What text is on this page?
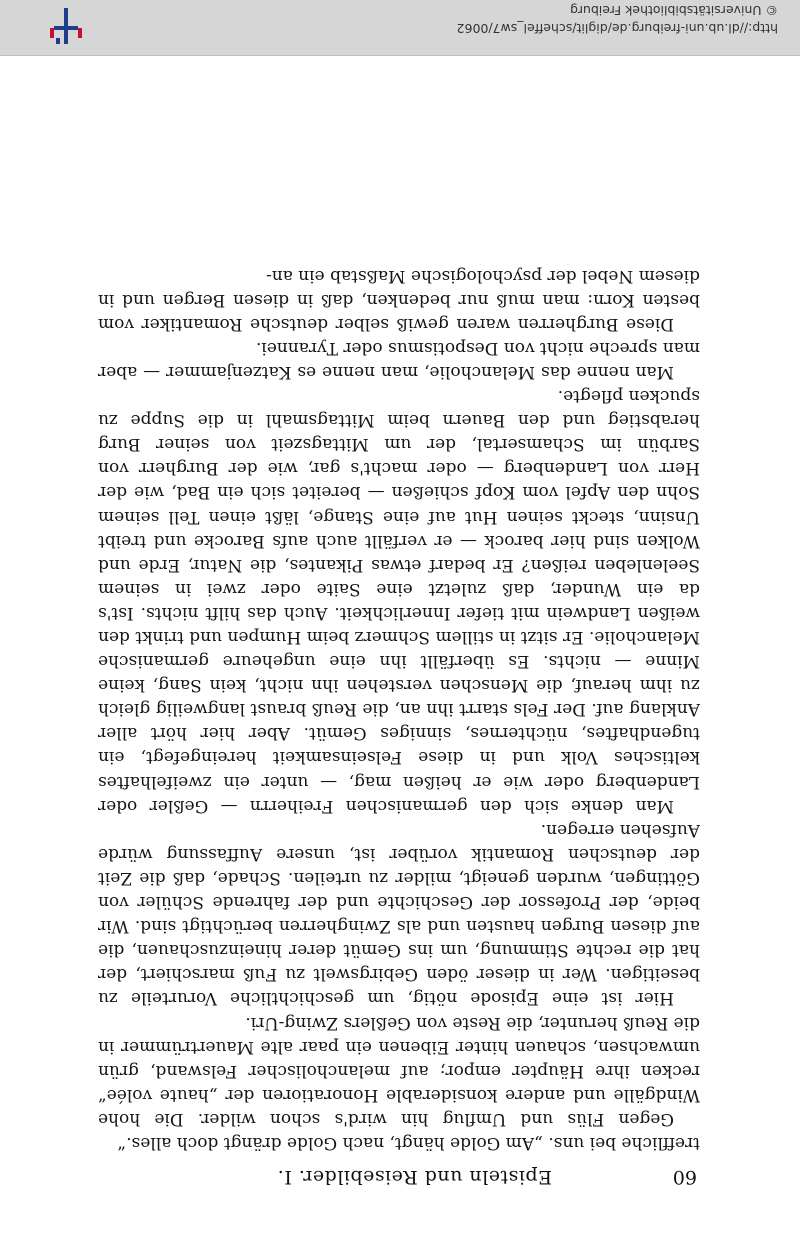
http://dl.ub.uni-freiburg.de/diglit/scheffel_sw7/0062
© Universitätsbibliothek Freiburg
60
Episteln und Reisebilder. I.

treffliche bei uns. „Am Golde hängt, nach Golde drängt doch alles.“

Gegen Flüs und Umflug hin wird's schon wilder. Die hohe Windgälle und andere konsiderable Honoratioren der „haute volée“ recken ihre Häupter empor; auf melancholischer Felswand, grün umwachsen, schauen hinter Eibenen ein paar alte Mauertrümmer in die Reuß herunter, die Reste von Geßlers Zwing-Uri.

Hier ist eine Episode nötig, um geschichtliche Vorurteile zu beseitigen. Wer in dieser öden Gebirgswelt zu Fuß marschiert, der hat die rechte Stimmung, um ins Gemüt derer hineinzuschauen, die auf diesen Burgen hausten und als Zwingherren berüchtigt sind. Wir beide, der Professor der Geschichte und der fahrende Schüler von Göttingen, wurden geneigt, milder zu urteilen. Schade, daß die Zeit der deutschen Romantik vorüber ist, unsere Auffassung würde Aufsehen erregen.

Man denke sich den germanischen Freiherrn — Geßler oder Landenberg oder wie er heißen mag, — unter ein zweifelhaftes keltisches Volk und in diese Felseinsamkeit hereingefegt, ein tugendhaftes, nüchternes, sinniges Gemüt. Aber hier hört aller Anklang auf. Der Fels starrt ihn an, die Reuß braust langweilig gleich zu ihm herauf, die Menschen verstehen ihn nicht, kein Sang, keine Minne — nichts. Es überfällt ihn eine ungeheure germanische Melancholie. Er sitzt in stillem Schmerz beim Humpen und trinkt den weißen Landwein mit tiefer Innerlichkeit. Auch das hilft nichts. Ist's da ein Wunder, daß zuletzt eine Saite oder zwei in seinem Seelenleben reißen? Er bedarf etwas Pikantes, die Natur, Erde und Wolken sind hier barock — er verfällt auch aufs Barocke und treibt Unsinn, steckt seinen Hut auf eine Stange, läßt einen Tell seinem Sohn den Apfel vom Kopf schießen — bereitet sich ein Bad, wie der Herr von Landenberg — oder macht's gar, wie der Burgherr von Sarbün im Schamsertal, der um Mittagszeit von seiner Burg herabstieg und den Bauern beim Mittagsmahl in die Suppe zu spucken pflegte.

Man nenne das Melancholie, man nenne es Katzenjammer — aber man spreche nicht von Despotismus oder Tyrannei.

Diese Burgherren waren gewiß selber deutsche Romantiker vom besten Korn: man muß nur bedenken, daß in diesen Bergen und in diesem Nebel der psychologische Maßstab ein an-
